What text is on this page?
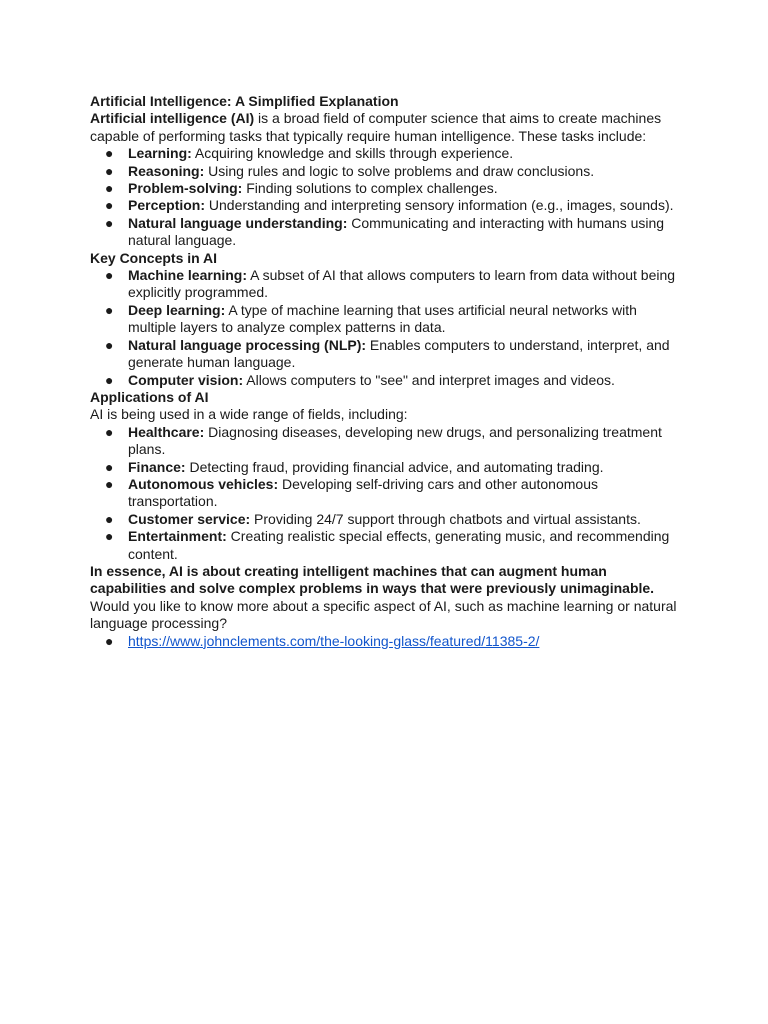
Artificial Intelligence: A Simplified Explanation

Artificial intelligence (AI) is a broad field of computer science that aims to create machines capable of performing tasks that typically require human intelligence. These tasks include:

● Learning: Acquiring knowledge and skills through experience.
● Reasoning: Using rules and logic to solve problems and draw conclusions.
● Problem-solving: Finding solutions to complex challenges.
● Perception: Understanding and interpreting sensory information (e.g., images, sounds).
● Natural language understanding: Communicating and interacting with humans using natural language.

Key Concepts in AI

● Machine learning: A subset of AI that allows computers to learn from data without being explicitly programmed.
● Deep learning: A type of machine learning that uses artificial neural networks with multiple layers to analyze complex patterns in data.
● Natural language processing (NLP): Enables computers to understand, interpret, and generate human language.
● Computer vision: Allows computers to "see" and interpret images and videos.

Applications of AI

AI is being used in a wide range of fields, including:

● Healthcare: Diagnosing diseases, developing new drugs, and personalizing treatment plans.
● Finance: Detecting fraud, providing financial advice, and automating trading.
● Autonomous vehicles: Developing self-driving cars and other autonomous transportation.
● Customer service: Providing 24/7 support through chatbots and virtual assistants.
● Entertainment: Creating realistic special effects, generating music, and recommending content.

In essence, AI is about creating intelligent machines that can augment human capabilities and solve complex problems in ways that were previously unimaginable.

Would you like to know more about a specific aspect of AI, such as machine learning or natural language processing?

● https://www.johnclements.com/the-looking-glass/featured/11385-2/
